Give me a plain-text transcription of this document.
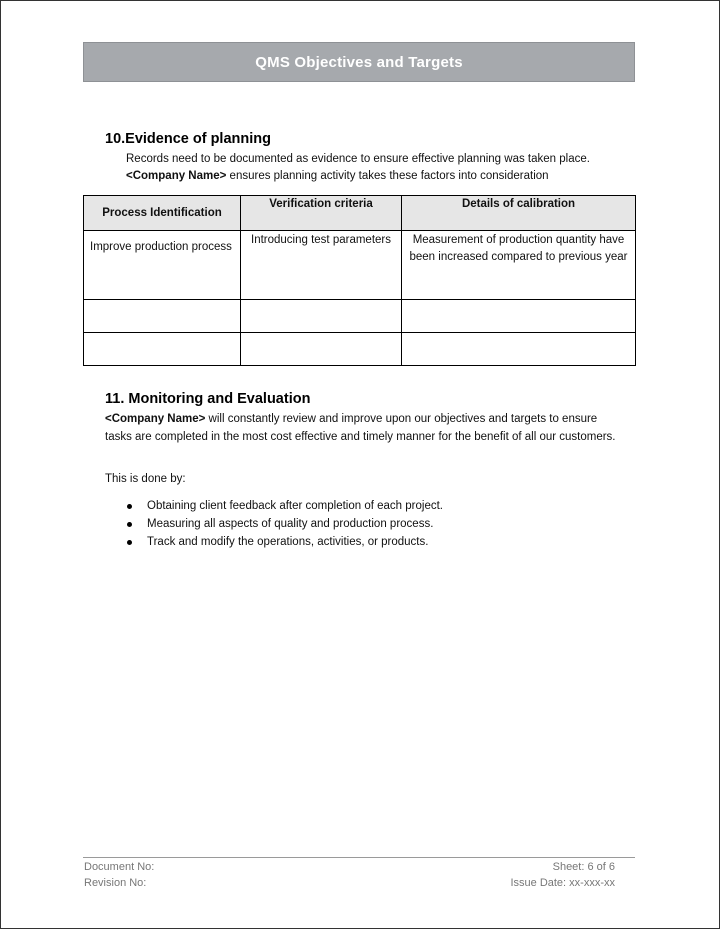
QMS Objectives and Targets
10.Evidence of planning
Records need to be documented as evidence to ensure effective planning was taken place.
<Company Name> ensures planning activity takes these factors into consideration
Process Identification	Verification criteria	Details of calibration
Improve production process	Introducing test parameters	Measurement of production quantity have been increased compared to previous year

11. Monitoring and Evaluation
<Company Name> will constantly review and improve upon our objectives and targets to ensure tasks are completed in the most cost effective and timely manner for the benefit of all our customers.
This is done by:
Obtaining client feedback after completion of each project.
Measuring all aspects of quality and production process.
Track and modify the operations, activities, or products.
Document No:
Revision No:
Sheet: 6 of 6
Issue Date: xx-xxx-xx
